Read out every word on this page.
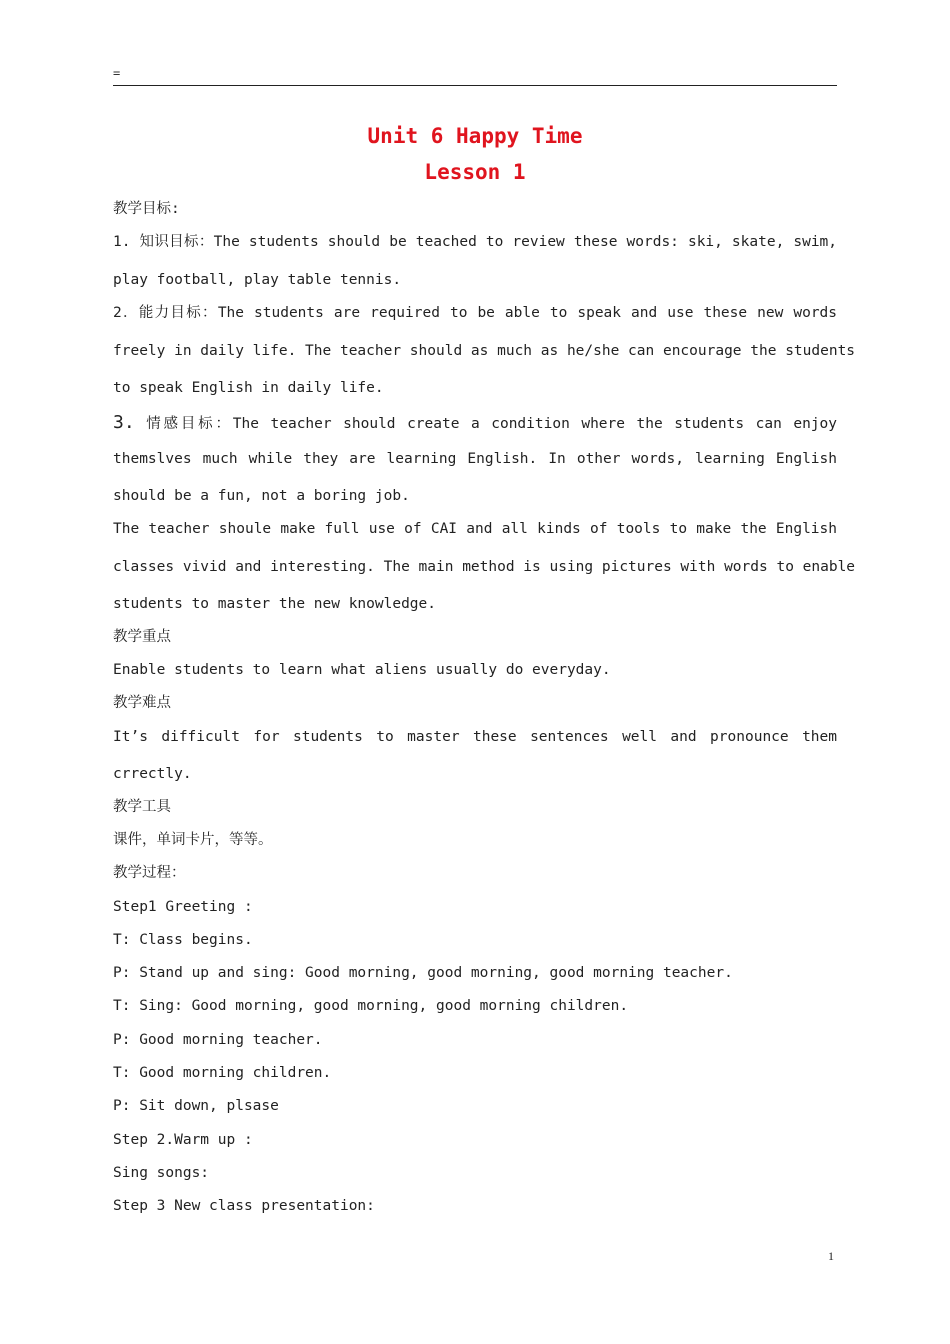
=
Unit 6 Happy Time
Lesson 1
教学目标:
1. 知识目标：The students should be teached to review these words: ski, skate, swim,
play football, play table tennis.
2．能力目标：The students are required to be able to speak and use these new words
freely in daily life. The teacher should as much as he/she can encourage the students
to speak English in daily life.
3. 情感目标：The teacher should create a condition where the students can enjoy
themslves much while they are learning English. In other words, learning English
should be a fun, not a boring job.
The teacher shoule make full use of CAI and all kinds of tools to make the English
classes vivid and interesting. The main method is using pictures with words to enable
students to master the new knowledge.
教学重点
Enable students to learn what aliens usually do everyday.
教学难点
It’s difficult for students to master these sentences well and pronounce them
crrectly.
教学工具
课件，单词卡片，等等。
教学过程：
Step1 Greeting :
T: Class begins.
P: Stand up and sing: Good morning, good morning, good morning teacher.
T: Sing: Good morning, good morning, good morning children.
P: Good morning teacher.
T: Good morning children.
P: Sit down, plsase
Step 2.Warm up :
Sing songs:
Step 3 New class presentation:
1
